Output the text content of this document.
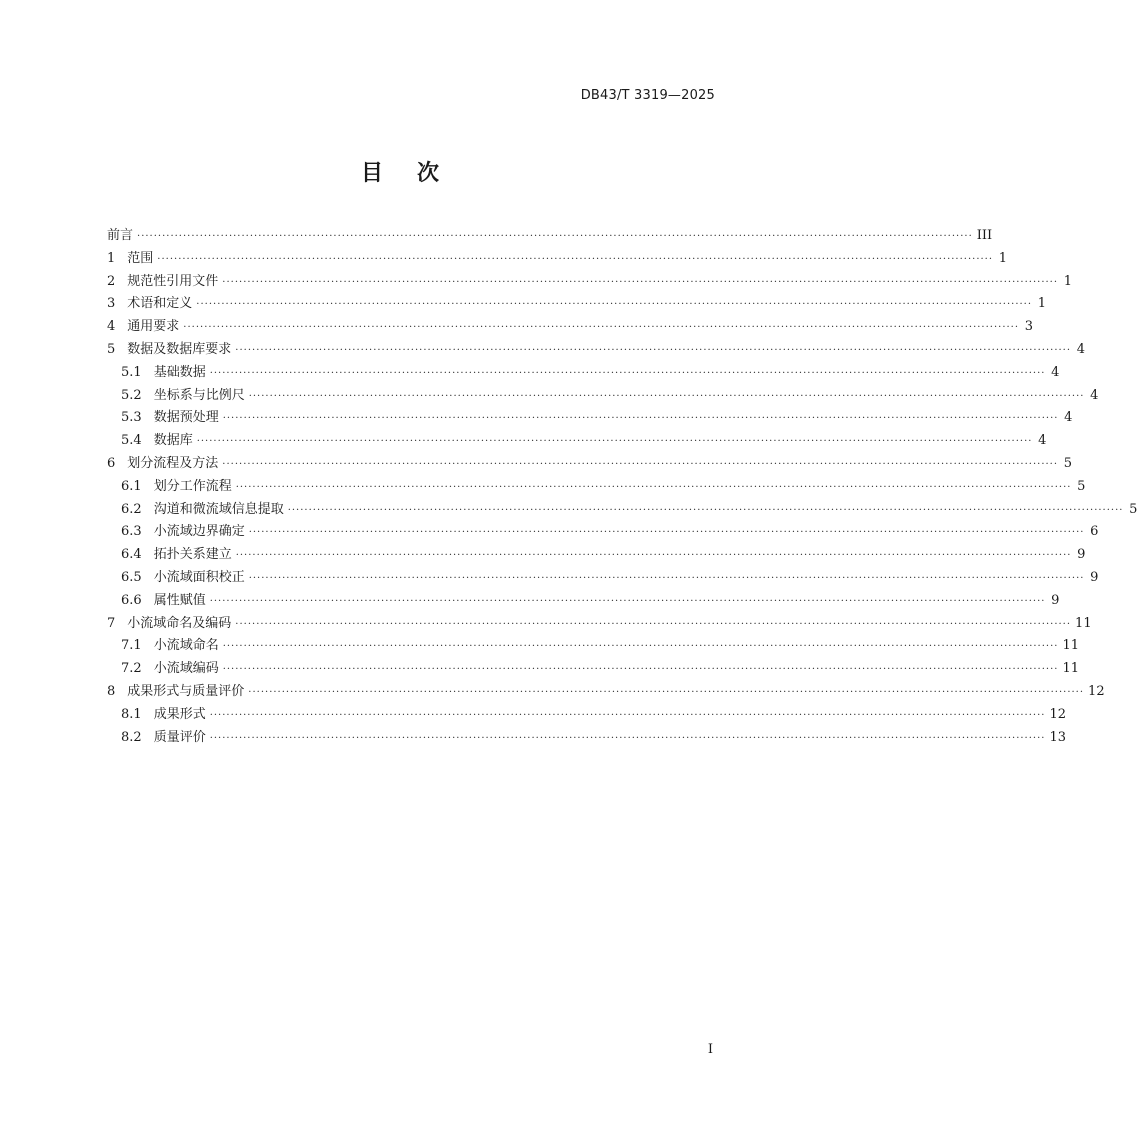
DB43/T 3319—2025
目次
前言 ········································································································································································································ III
1 范围 ········································································································································································································ 1
2 规范性引用文件 ········································································································································································································ 1
3 术语和定义 ········································································································································································································ 1
4 通用要求 ········································································································································································································ 3
5 数据及数据库要求 ········································································································································································································ 4
5.1 基础数据 ········································································································································································································ 4
5.2 坐标系与比例尺 ········································································································································································································ 4
5.3 数据预处理 ········································································································································································································ 4
5.4 数据库 ········································································································································································································ 4
6 划分流程及方法 ········································································································································································································ 5
6.1 划分工作流程 ········································································································································································································ 5
6.2 沟道和微流域信息提取 ········································································································································································································ 5
6.3 小流域边界确定 ········································································································································································································ 6
6.4 拓扑关系建立 ········································································································································································································ 9
6.5 小流域面积校正 ········································································································································································································ 9
6.6 属性赋值 ········································································································································································································ 9
7 小流域命名及编码 ········································································································································································································ 11
7.1 小流域命名 ········································································································································································································ 11
7.2 小流域编码 ········································································································································································································ 11
8 成果形式与质量评价 ········································································································································································································ 12
8.1 成果形式 ········································································································································································································ 12
8.2 质量评价 ········································································································································································································ 13
I
